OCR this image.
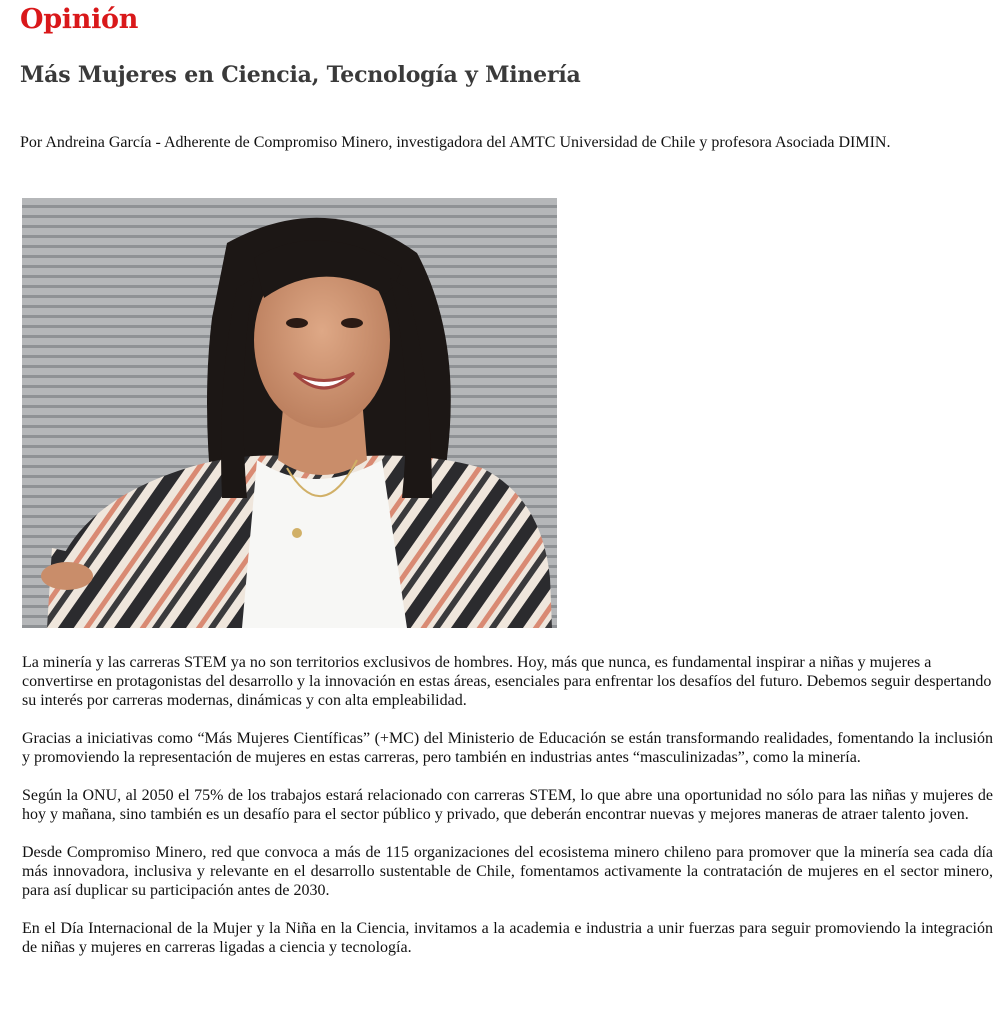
Opinión
Más Mujeres en Ciencia, Tecnología y Minería

Por Andreina García - Adherente de Compromiso Minero, investigadora del AMTC Universidad de Chile y profesora Asociada DIMIN.

La minería y las carreras STEM ya no son territorios exclusivos de hombres. Hoy, más que nunca, es fundamental inspirar a niñas y mujeres a convertirse en protagonistas del desarrollo y la innovación en estas áreas, esenciales para enfrentar los desafíos del futuro. Debemos seguir despertando su interés por carreras modernas, dinámicas y con alta empleabilidad.

Gracias a iniciativas como “Más Mujeres Científicas” (+MC) del Ministerio de Educación se están transformando realidades, fomentando la inclusión y promoviendo la representación de mujeres en estas carreras, pero también en industrias antes “masculinizadas”, como la minería.

Según la ONU, al 2050 el 75% de los trabajos estará relacionado con carreras STEM, lo que abre una oportunidad no sólo para las niñas y mujeres de hoy y mañana, sino también es un desafío para el sector público y privado, que deberán encontrar nuevas y mejores maneras de atraer talento joven.

Desde Compromiso Minero, red que convoca a más de 115 organizaciones del ecosistema minero chileno para promover que la minería sea cada día más innovadora, inclusiva y relevante en el desarrollo sustentable de Chile, fomentamos activamente la contratación de mujeres en el sector minero, para así duplicar su participación antes de 2030.

En el Día Internacional de la Mujer y la Niña en la Ciencia, invitamos a la academia e industria a unir fuerzas para seguir promoviendo la integración de niñas y mujeres en carreras ligadas a ciencia y tecnología.
